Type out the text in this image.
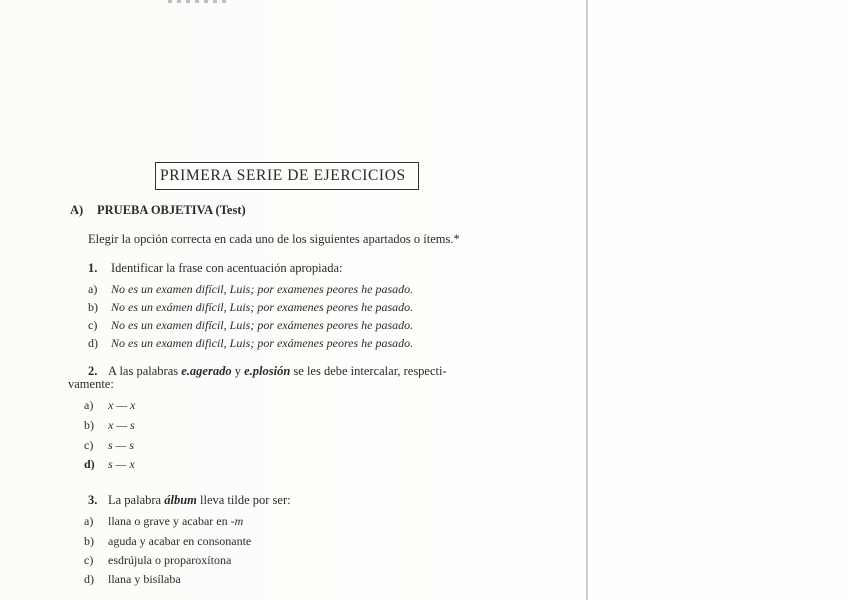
PRIMERA SERIE DE EJERCICIOS
A) PRUEBA OBJETIVA (Test)
Elegir la opción correcta en cada uno de los siguientes apartados o ítems.*
1. Identificar la frase con acentuación apropiada:
a) No es un examen difícil, Luis; por examenes peores he pasado.
b) No es un exámen difícil, Luis; por examenes peores he pasado.
c) No es un examen difícil, Luis; por exámenes peores he pasado.
d) No es un examen dificil, Luis; por exámenes peores he pasado.
2. A las palabras e.agerado y e.plosión se les debe intercalar, respecti-
vamente:
a) x — x
b) x — s
c) s — s
d) s — x
3. La palabra álbum lleva tilde por ser:
a) llana o grave y acabar en -m
b) aguda y acabar en consonante
c) esdrújula o proparoxítona
d) llana y bisílaba
